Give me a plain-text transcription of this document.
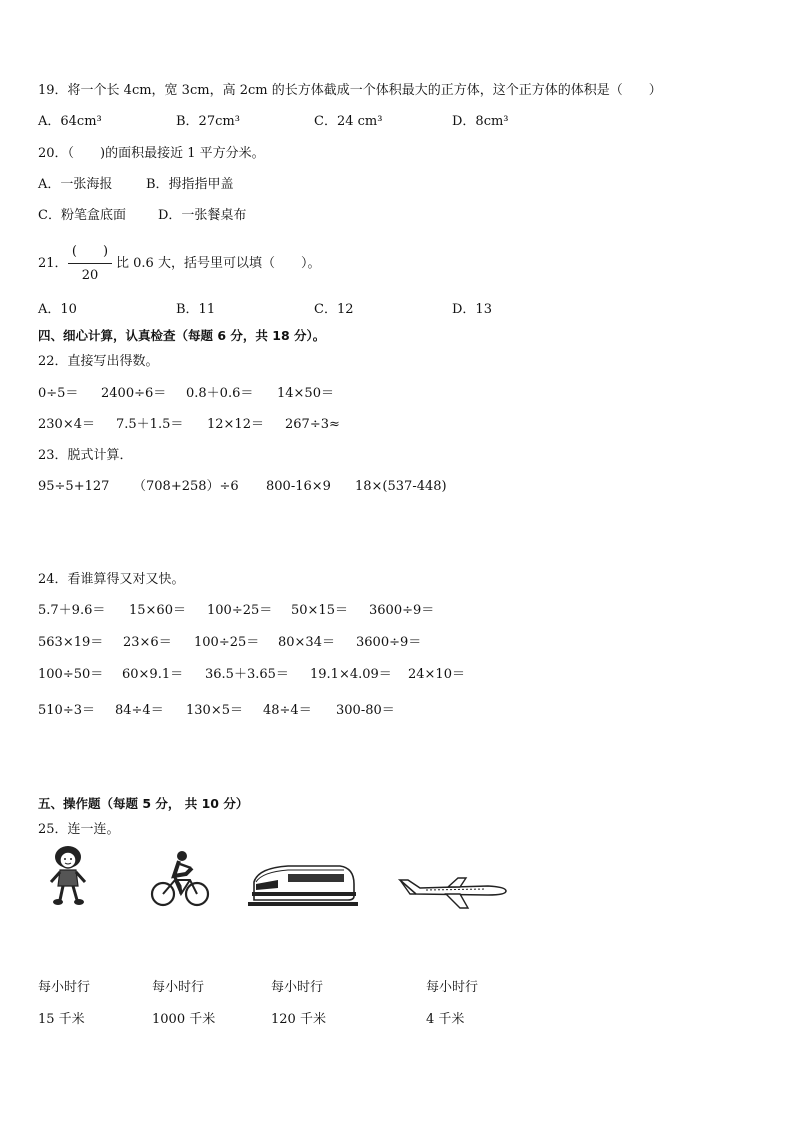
19．将一个长 4cm，宽 3cm，高 2cm 的长方体截成一个体积最大的正方体，这个正方体的体积是（　　）
A．64cm³	B．27cm³	C．24 cm³	D．8cm³
20．（　　)的面积最接近 1 平方分米。
A．一张海报	B．拇指指甲盖
C．粉笔盒底面 D．一张餐桌布
21．
(　　)
20
比 0.6 大，括号里可以填（　　）。
A．10	B．11	C．12	D．13
四、细心计算，认真检查（每题 6 分，共 18 分）。
22．直接写出得数。
0÷5＝ 2400÷6＝ 0.8＋0.6＝ 14×50＝
230×4＝ 7.5＋1.5＝ 12×12＝ 267÷3≈
23．脱式计算．
95÷5+127 （708+258）÷6 800-16×9 18×(537-448)
24．看谁算得又对又快。
5.7＋9.6＝ 15×60＝ 100÷25＝ 50×15＝ 3600÷9＝
563×19＝ 23×6＝ 100÷25＝ 80×34＝ 3600÷9＝
100÷50＝ 60×9.1＝ 36.5＋3.65＝ 19.1×4.09＝ 24×10＝
510÷3＝ 84÷4＝ 130×5＝ 48÷4＝ 300-80＝
五、操作题（每题 5 分， 共 10 分）
25．连一连。
每小时行	每小时行	每小时行	每小时行
15 千米	1000 千米	120 千米	4 千米
